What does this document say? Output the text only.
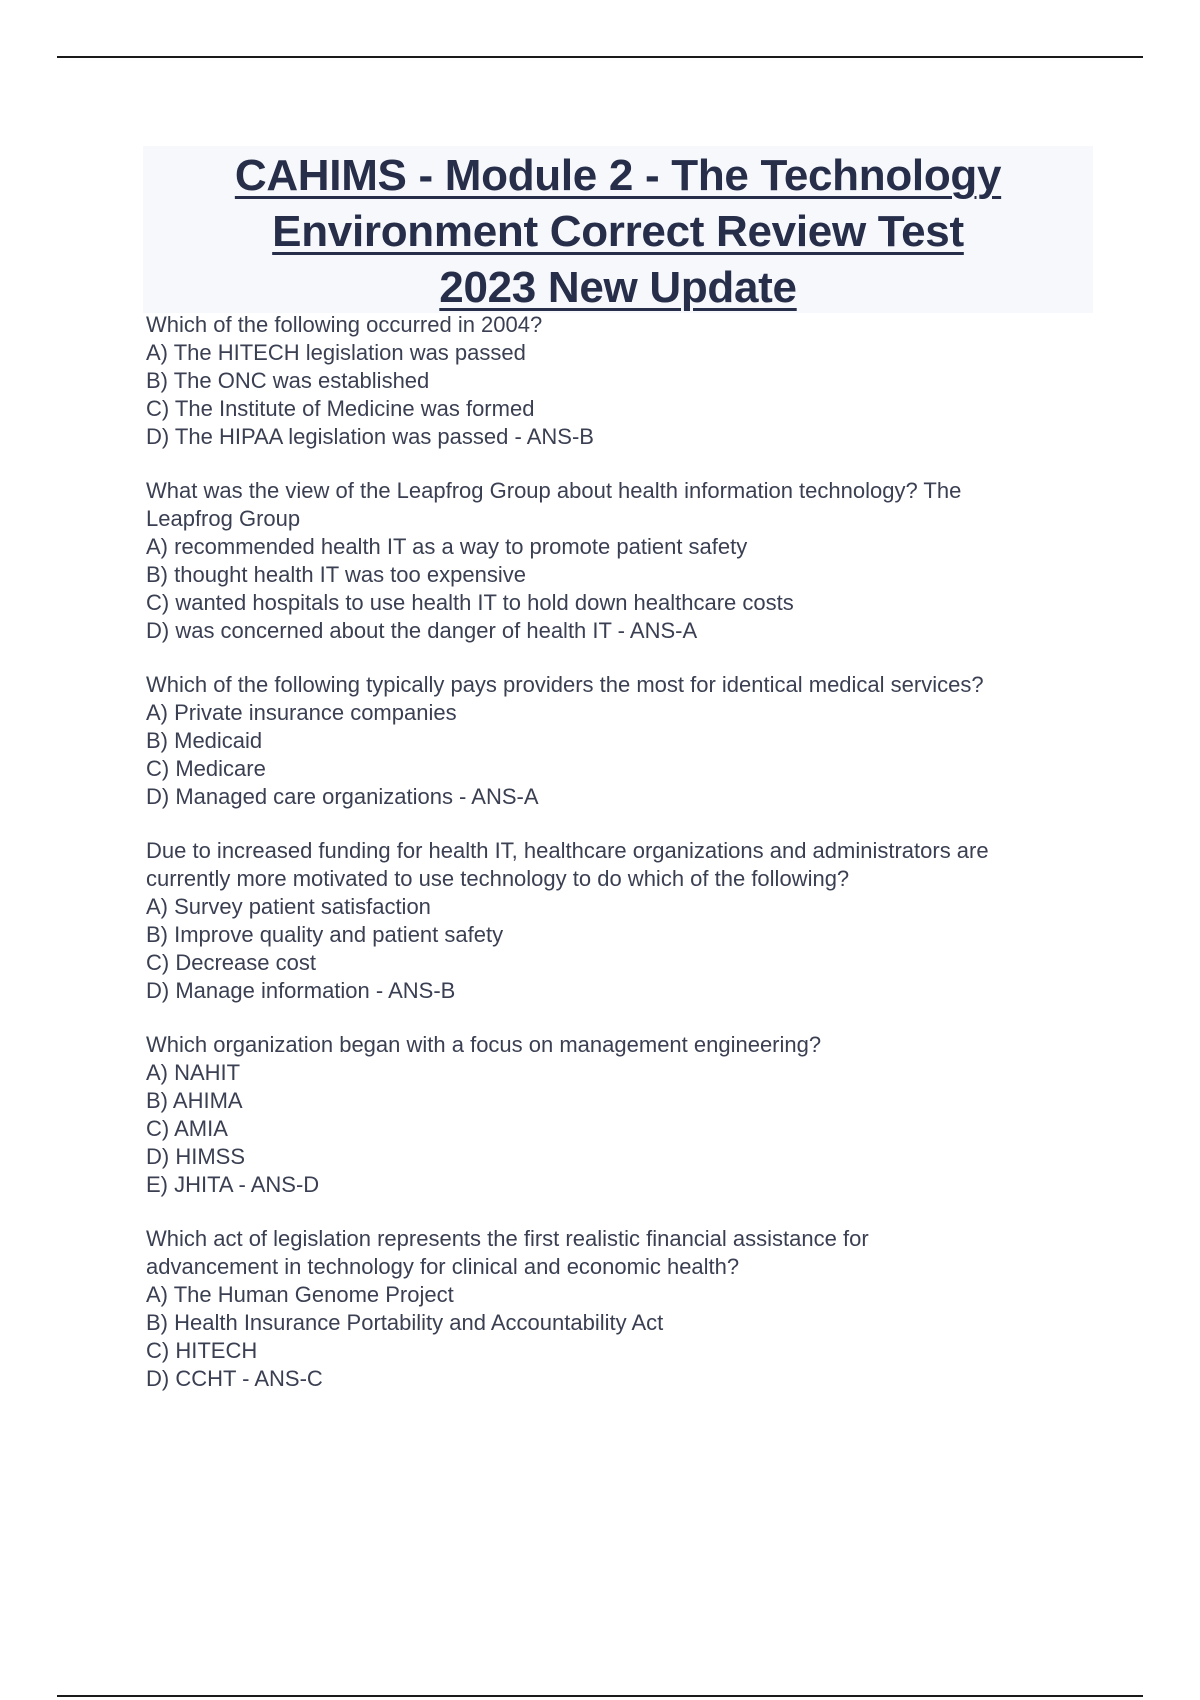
CAHIMS - Module 2 - The Technology
Environment Correct Review Test
2023 New Update
Which of the following occurred in 2004?
A) The HITECH legislation was passed
B) The ONC was established
C) The Institute of Medicine was formed
D) The HIPAA legislation was passed - ANS-B
What was the view of the Leapfrog Group about health information technology? The
Leapfrog Group
A) recommended health IT as a way to promote patient safety
B) thought health IT was too expensive
C) wanted hospitals to use health IT to hold down healthcare costs
D) was concerned about the danger of health IT - ANS-A
Which of the following typically pays providers the most for identical medical services?
A) Private insurance companies
B) Medicaid
C) Medicare
D) Managed care organizations - ANS-A
Due to increased funding for health IT, healthcare organizations and administrators are
currently more motivated to use technology to do which of the following?
A) Survey patient satisfaction
B) Improve quality and patient safety
C) Decrease cost
D) Manage information - ANS-B
Which organization began with a focus on management engineering?
A) NAHIT
B) AHIMA
C) AMIA
D) HIMSS
E) JHITA - ANS-D
Which act of legislation represents the first realistic financial assistance for
advancement in technology for clinical and economic health?
A) The Human Genome Project
B) Health Insurance Portability and Accountability Act
C) HITECH
D) CCHT - ANS-C
